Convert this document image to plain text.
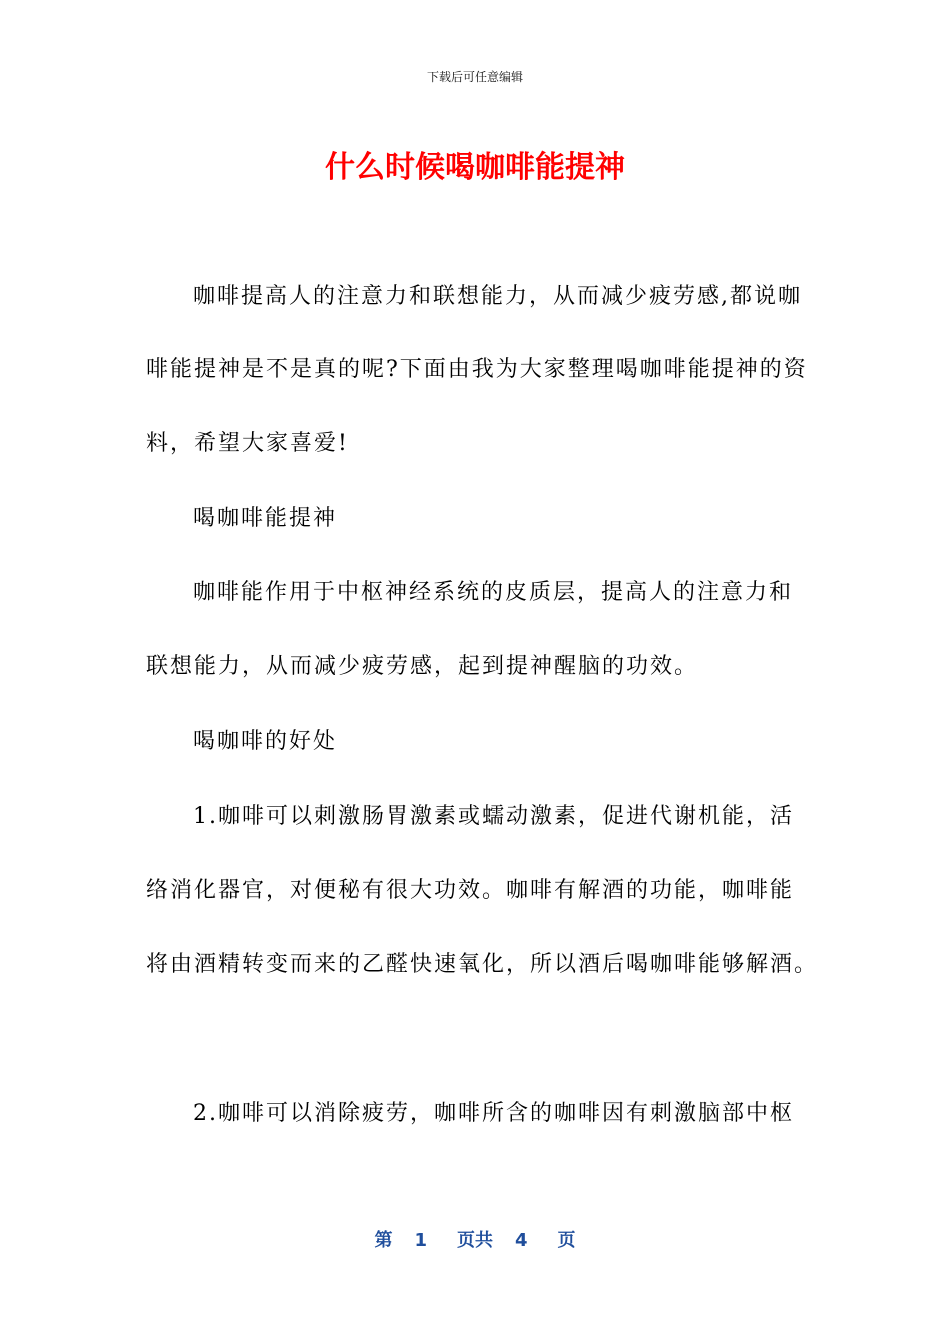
下载后可任意编辑
什么时候喝咖啡能提神
咖啡提高人的注意力和联想能力，从而减少疲劳感,都说咖
啡能提神是不是真的呢?下面由我为大家整理喝咖啡能提神的资
料，希望大家喜爱!
喝咖啡能提神
咖啡能作用于中枢神经系统的皮质层，提高人的注意力和
联想能力，从而减少疲劳感，起到提神醒脑的功效。
喝咖啡的好处
1.咖啡可以刺激肠胃激素或蠕动激素，促进代谢机能，活
络消化器官，对便秘有很大功效。咖啡有解酒的功能，咖啡能
将由酒精转变而来的乙醛快速氧化，所以酒后喝咖啡能够解酒。
2.咖啡可以消除疲劳，咖啡所含的咖啡因有刺激脑部中枢
第 1 页共 4 页
